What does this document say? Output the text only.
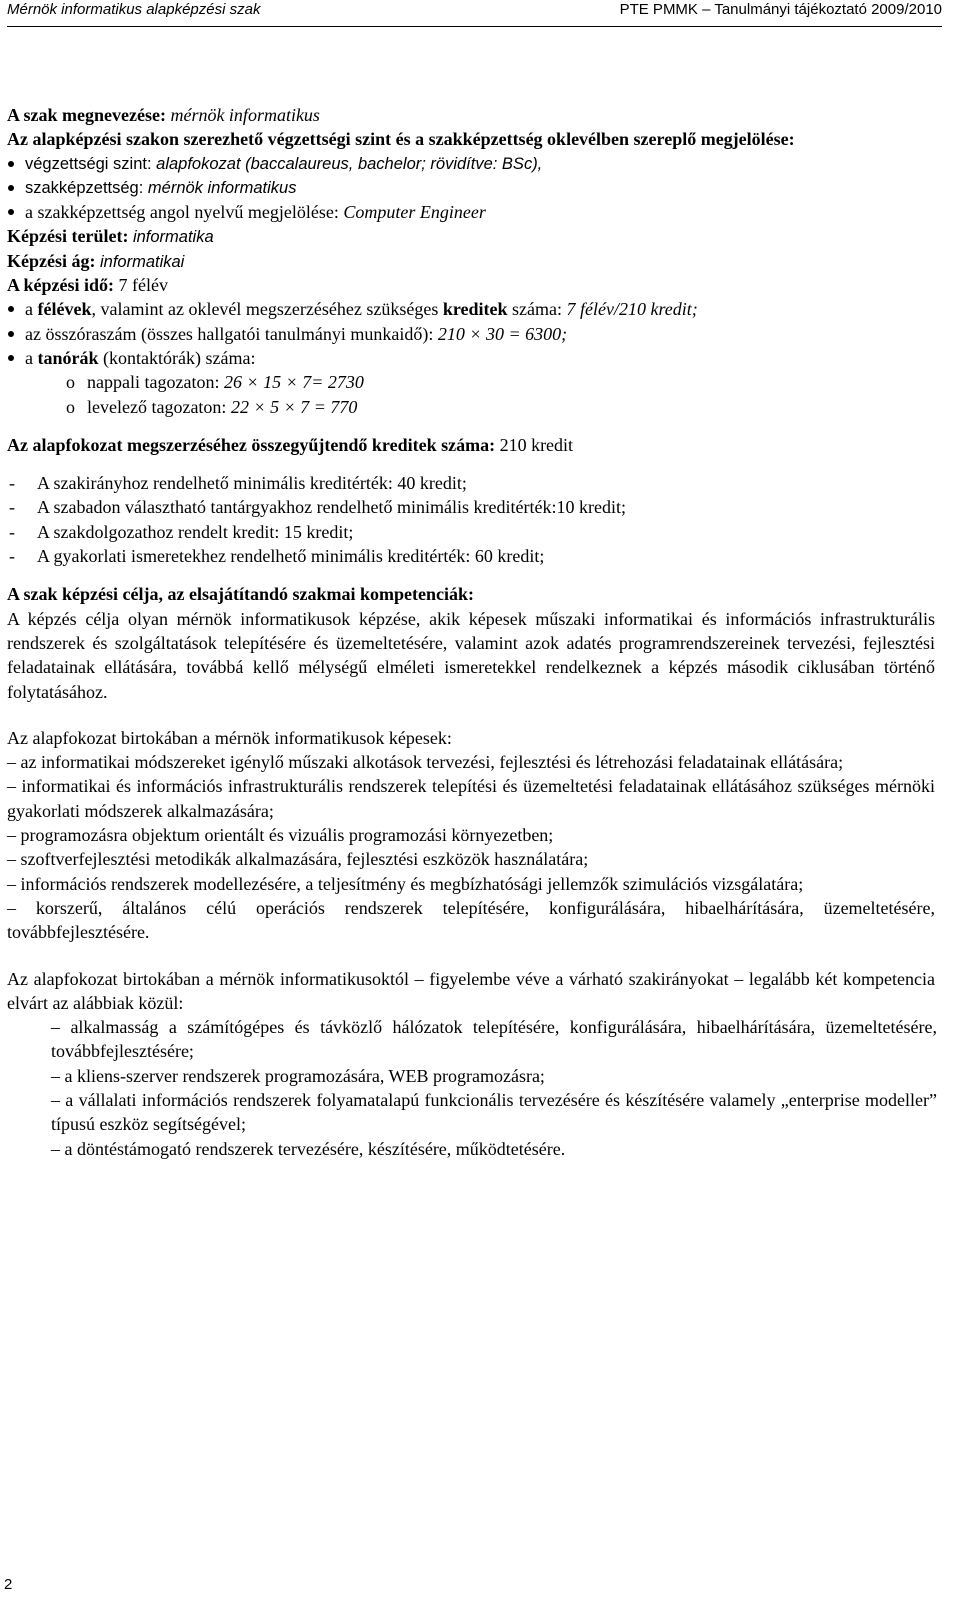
Mérnök informatikus alapképzési szak	PTE PMMK – Tanulmányi tájékoztató 2009/2010
A szak megnevezése: mérnök informatikus
Az alapképzési szakon szerezhető végzettségi szint és a szakképzettség oklevélben szereplő megjelölése:
végzettségi szint: alapfokozat (baccalaureus, bachelor; rövidítve: BSc),
szakképzettség: mérnök informatikus
a szakképzettség angol nyelvű megjelölése: Computer Engineer
Képzési terület: informatika
Képzési ág: informatikai
A képzési idő: 7 félév
a félévek, valamint az oklevél megszerzéséhez szükséges kreditek száma: 7 félév/210 kredit;
az összóraszám (összes hallgatói tanulmányi munkaidő): 210 × 30 = 6300;
a tanórák (kontaktórák) száma:
o nappali tagozaton: 26 × 15 × 7= 2730
o levelező tagozaton: 22 × 5 × 7 = 770
Az alapfokozat megszerzéséhez összegyűjtendő kreditek száma: 210 kredit
- A szakirányhoz rendelhető minimális kreditérték: 40 kredit;
- A szabadon választható tantárgyakhoz rendelhető minimális kreditérték:10 kredit;
- A szakdolgozathoz rendelt kredit: 15 kredit;
- A gyakorlati ismeretekhez rendelhető minimális kreditérték: 60 kredit;
A szak képzési célja, az elsajátítandó szakmai kompetenciák:
A képzés célja olyan mérnök informatikusok képzése, akik képesek műszaki informatikai és információs infrastrukturális rendszerek és szolgáltatások telepítésére és üzemeltetésére, valamint azok adatés programrendszereinek tervezési, fejlesztési feladatainak ellátására, továbbá kellő mélységű elméleti ismeretekkel rendelkeznek a képzés második ciklusában történő folytatásához.
Az alapfokozat birtokában a mérnök informatikusok képesek:
– az informatikai módszereket igénylő műszaki alkotások tervezési, fejlesztési és létrehozási feladatainak ellátására;
– informatikai és információs infrastrukturális rendszerek telepítési és üzemeltetési feladatainak ellátásához szükséges mérnöki gyakorlati módszerek alkalmazására;
– programozásra objektum orientált és vizuális programozási környezetben;
– szoftverfejlesztési metodikák alkalmazására, fejlesztési eszközök használatára;
– információs rendszerek modellezésére, a teljesítmény és megbízhatósági jellemzők szimulációs vizsgálatára;
– korszerű, általános célú operációs rendszerek telepítésére, konfigurálására, hibaelhárítására, üzemeltetésére, továbbfejlesztésére.
Az alapfokozat birtokában a mérnök informatikusoktól – figyelembe véve a várható szakirányokat – legalább két kompetencia elvárt az alábbiak közül:
– alkalmasság a számítógépes és távközlő hálózatok telepítésére, konfigurálására, hibaelhárítására, üzemeltetésére, továbbfejlesztésére;
– a kliens-szerver rendszerek programozására, WEB programozásra;
– a vállalati információs rendszerek folyamatalapú funkcionális tervezésére és készítésére valamely „enterprise modeller” típusú eszköz segítségével;
– a döntéstámogató rendszerek tervezésére, készítésére, működtetésére.
2
